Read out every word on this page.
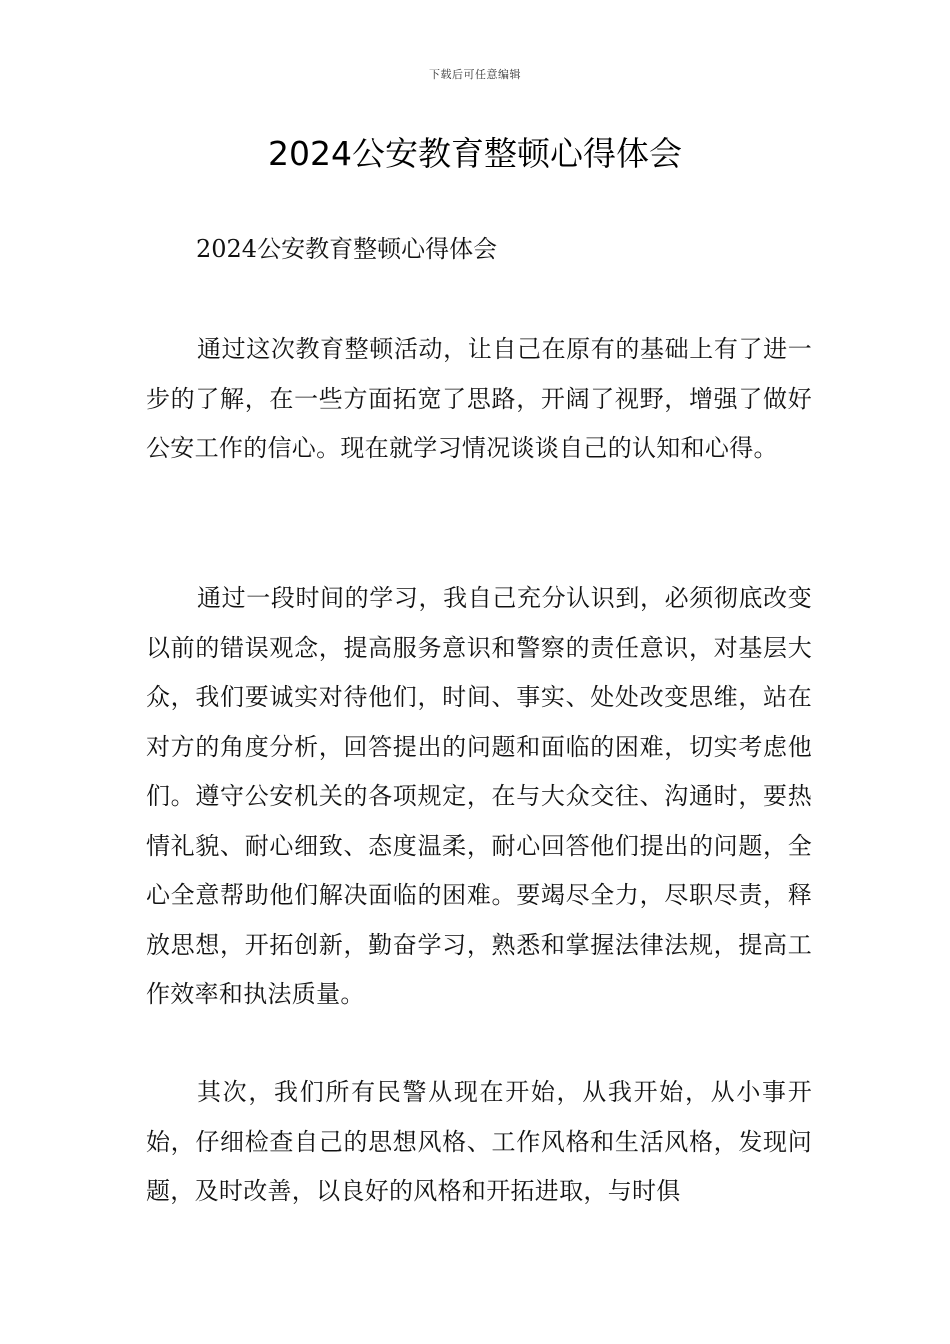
下载后可任意编辑
2024公安教育整顿心得体会
2024公安教育整顿心得体会

通过这次教育整顿活动，让自己在原有的基础上有了进一步的了解，在一些方面拓宽了思路，开阔了视野，增强了做好公安工作的信心。现在就学习情况谈谈自己的认知和心得。

通过一段时间的学习，我自己充分认识到，必须彻底改变以前的错误观念，提高服务意识和警察的责任意识，对基层大众，我们要诚实对待他们，时间、事实、处处改变思维，站在对方的角度分析，回答提出的问题和面临的困难，切实考虑他们。遵守公安机关的各项规定，在与大众交往、沟通时，要热情礼貌、耐心细致、态度温柔，耐心回答他们提出的问题，全心全意帮助他们解决面临的困难。要竭尽全力，尽职尽责，释放思想，开拓创新，勤奋学习，熟悉和掌握法律法规，提高工作效率和执法质量。

其次，我们所有民警从现在开始，从我开始，从小事开始，仔细检查自己的思想风格、工作风格和生活风格，发现问题，及时改善，以良好的风格和开拓进取，与时俱
